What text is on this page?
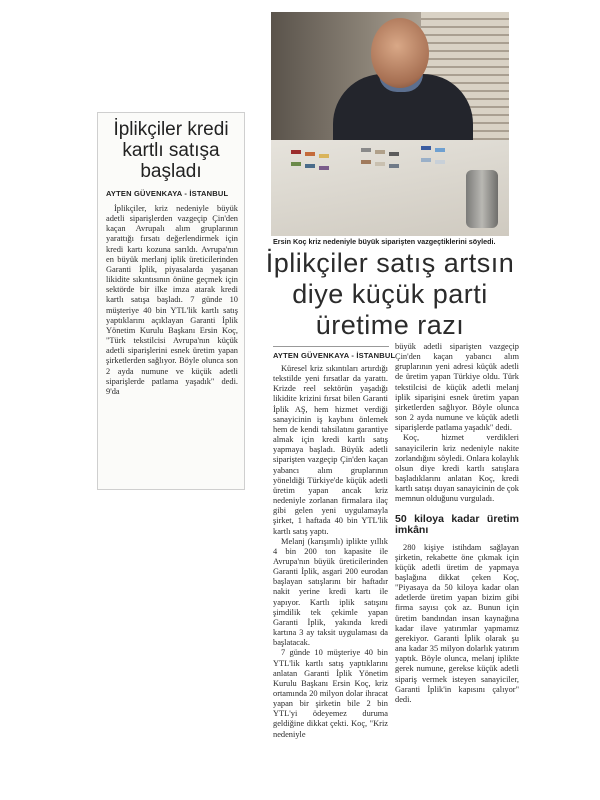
İplikçiler kredi kartlı satışa başladı
AYTEN GÜVENKAYA - İSTANBUL

İplikçiler, kriz nedeniyle büyük adetli siparişlerden vazgeçip Çin'den kaçan Avrupalı alım gruplarının yarattığı fırsatı değerlendirmek için kredi kartı kozuna sarıldı. Avrupa'nın en büyük merlanj iplik üreticilerinden Garanti İplik, piyasalarda yaşanan likidite sıkıntısının önüne geçmek için sektörde bir ilke imza atarak kredi kartlı satışa başladı. 7 günde 10 müşteriye 40 bin YTL'lik kartlı satış yaptıklarını açıklayan Garanti İplik Yönetim Kurulu Başkanı Ersin Koç, "Türk tekstilcisi Avrupa'nın küçük adetli siparişlerini esnek üretim yapan şirketlerden sağlıyor. Böyle olunca son 2 ayda numune ve küçük adetli siparişlerde patlama yaşadık" dedi. 9'da

Ersin Koç kriz nedeniyle büyük siparişten vazgeçtiklerini söyledi.
İplikçiler satış artsın diye küçük parti üretime razı
AYTEN GÜVENKAYA - İSTANBUL

Küresel kriz sıkıntıları artırdığı tekstilde yeni fırsatlar da yarattı. Krizde reel sektörün yaşadığı likidite krizini fırsat bilen Garanti İplik AŞ, hem hizmet verdiği sanayicinin iş kaybını önlemek hem de kendi tahsilatını garantiye almak için kredi kartlı satış yapmaya başladı. Büyük adetli siparişten vazgeçip Çin'den kaçan yabancı alım gruplarının yöneldiği Türkiye'de küçük adetli üretim yapan ancak kriz nedeniyle zorlanan firmalara ilaç gibi gelen yeni uygulamayla şirket, 1 haftada 40 bin YTL'lik kartlı satış yaptı.

Melanj (karışımlı) iplikte yıllık 4 bin 200 ton kapasite ile Avrupa'nın büyük üreticilerinden Garanti İplik, asgari 200 eurodan başlayan satışlarını bir haftadır nakit yerine kredi kartı ile yapıyor. Kartlı iplik satışını şimdilik tek çekimle yapan Garanti İplik, yakında kredi kartına 3 ay taksit uygulaması da başlatacak.

7 günde 10 müşteriye 40 bin YTL'lik kartlı satış yaptıklarını anlatan Garanti İplik Yönetim Kurulu Başkanı Ersin Koç, kriz ortamında 20 milyon dolar ihracat yapan bir şirketin bile 2 bin YTL'yi ödeyemez duruma geldiğine dikkat çekti. Koç, "Kriz nedeniyle

büyük adetli siparişten vazgeçip Çin'den kaçan yabancı alım gruplarının yeni adresi küçük adetli de üretim yapan Türkiye oldu. Türk tekstilcisi de küçük adetli melanj iplik siparişini esnek üretim yapan şirketlerden sağlıyor. Böyle olunca son 2 ayda numune ve küçük adetli siparişlerde patlama yaşadık" dedi.

Koç, hizmet verdikleri sanayicilerin kriz nedeniyle nakite zorlandığını söyledi. Onlara kolaylık olsun diye kredi kartlı satışlara başladıklarını anlatan Koç, kredi kartlı satışı duyan sanayicinin de çok memnun olduğunu vurguladı.

50 kiloya kadar üretim imkânı

280 kişiye istihdam sağlayan şirketin, rekabette öne çıkmak için küçük adetli üretim de yapmaya başlağına dikkat çeken Koç, "Piyasaya da 50 kiloya kadar olan adetlerde üretim yapan bizim gibi firma sayısı çok az. Bunun için üretim bandından insan kaynağına kadar ilave yatırımlar yapmamız gerekiyor. Garanti İplik olarak şu ana kadar 35 milyon dolarlık yatırım yaptık. Böyle olunca, melanj iplikte gerek numune, gerekse küçük adetli sipariş vermek isteyen sanayiciler, Garanti İplik'in kapısını çalıyor" dedi.
